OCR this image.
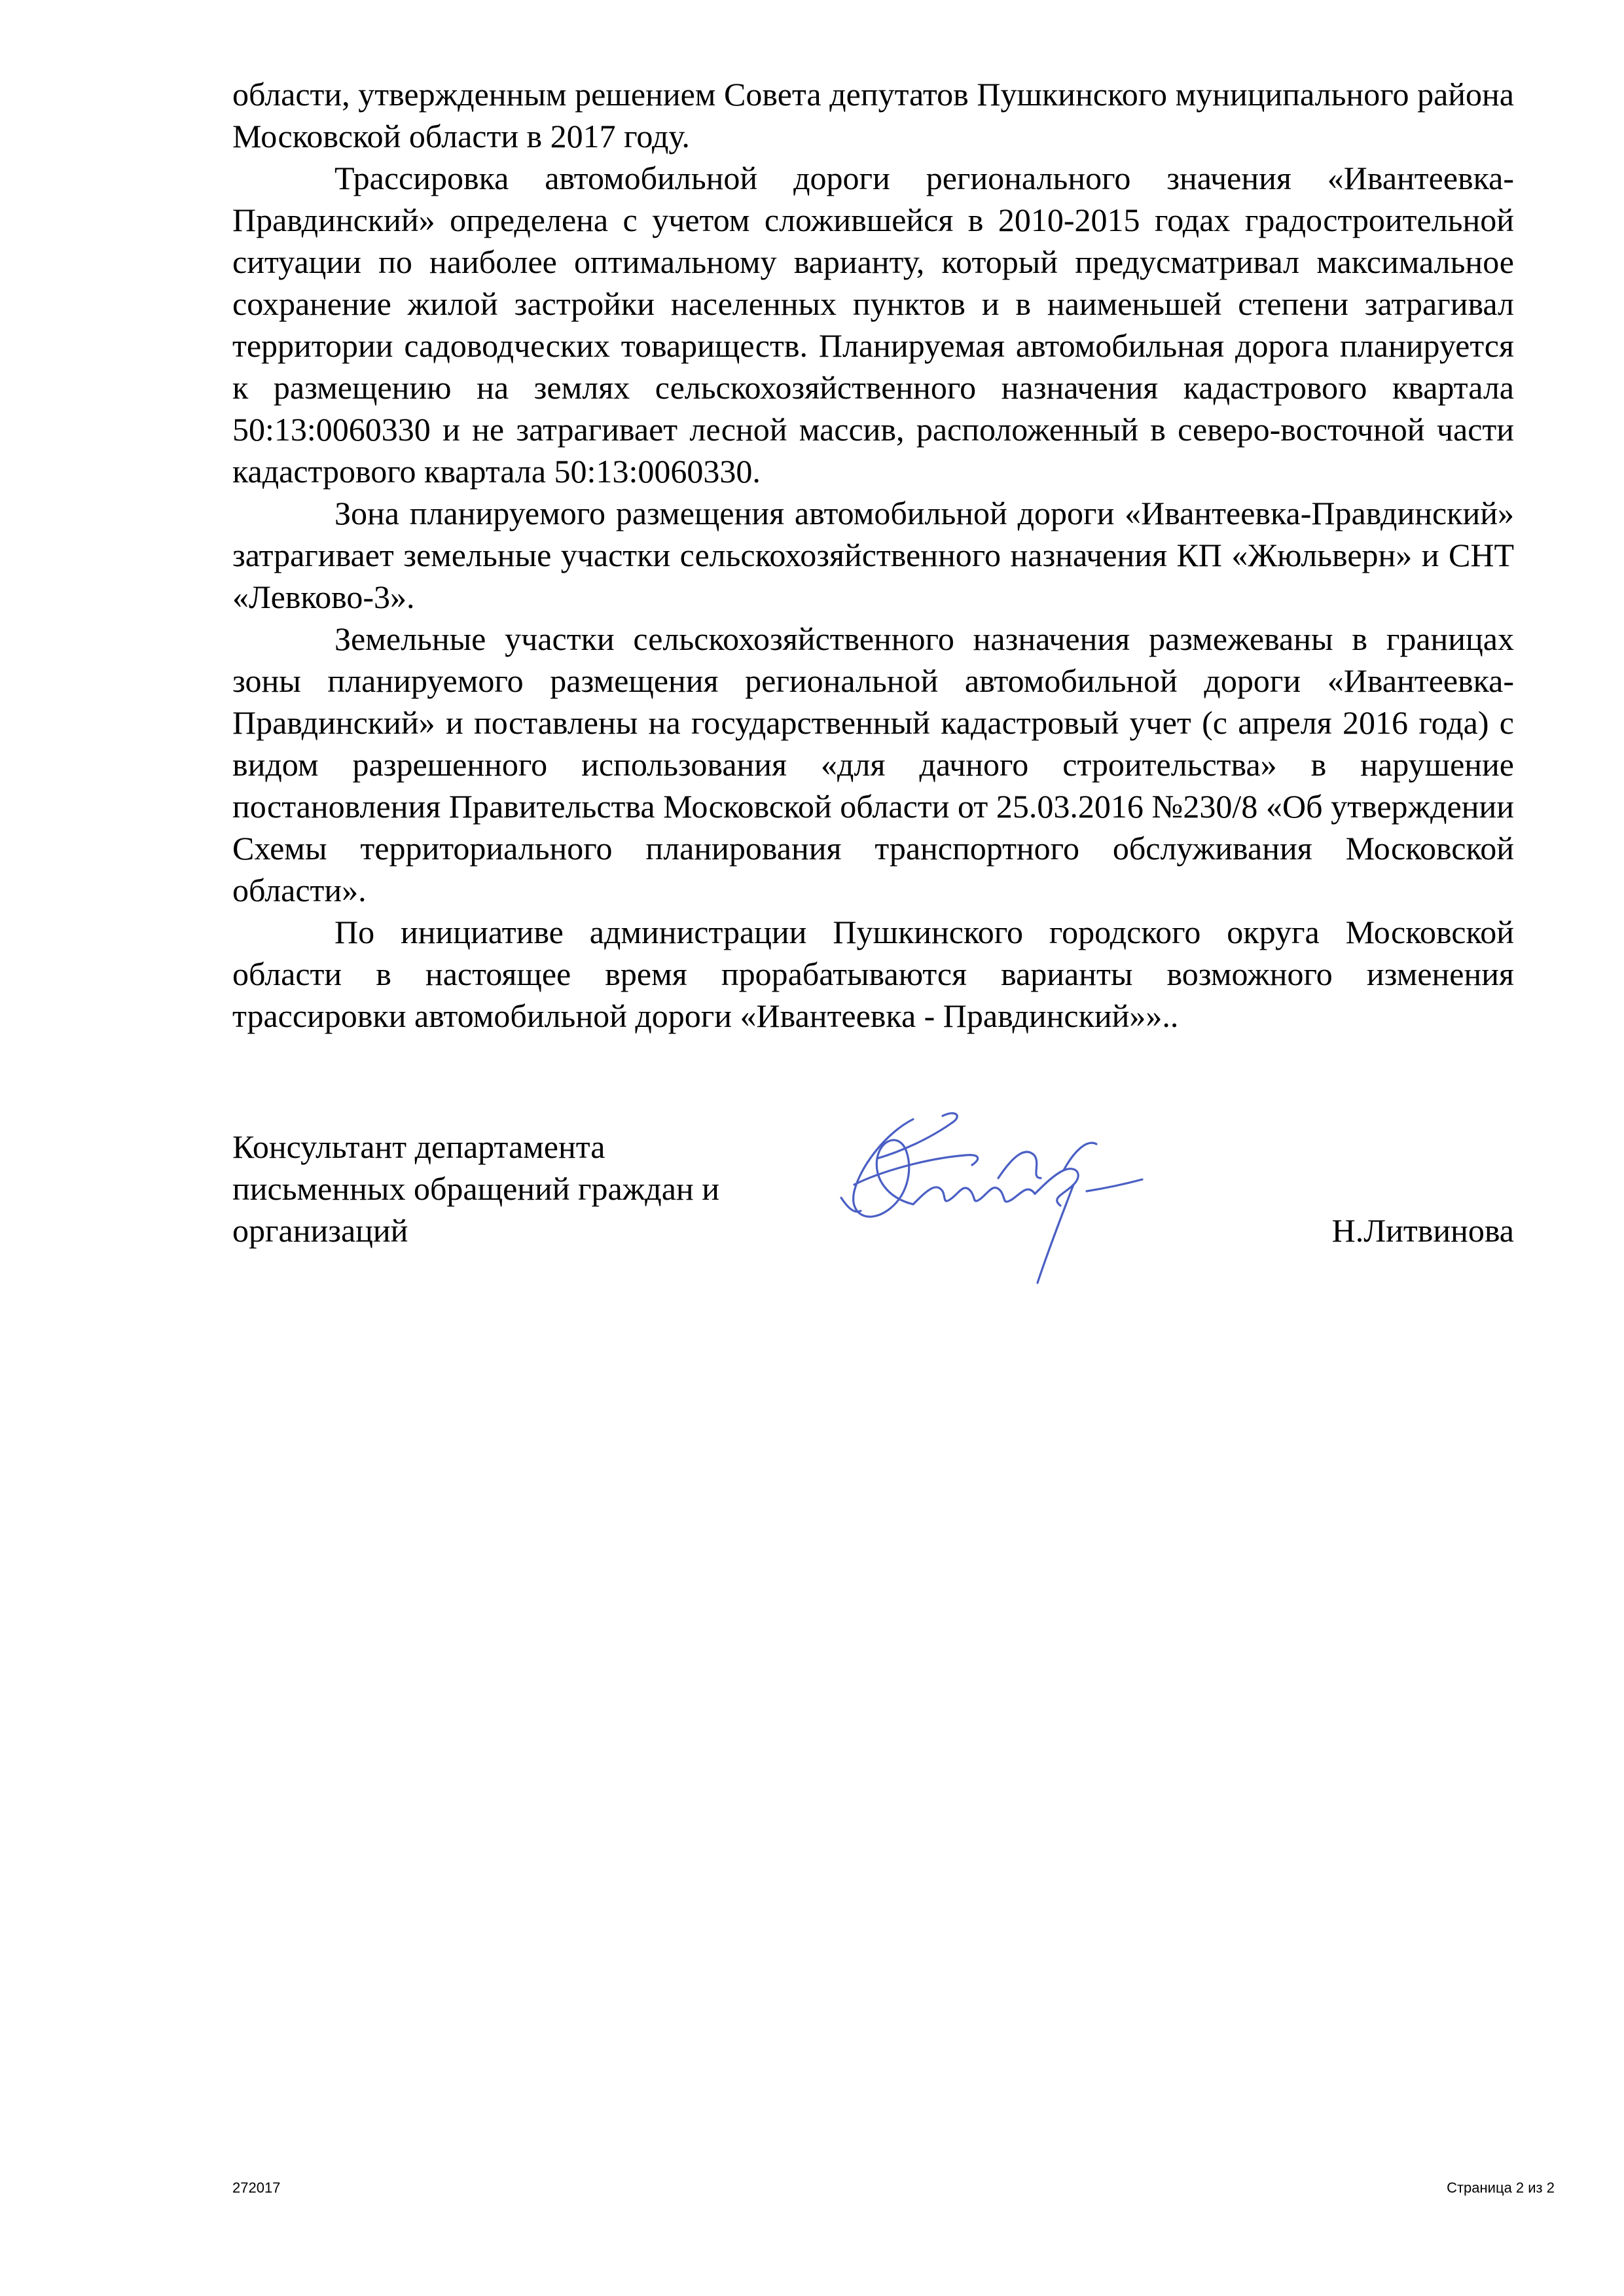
области, утвержденным решением Совета депутатов Пушкинского муниципального района Московской области в 2017 году.

Трассировка автомобильной дороги регионального значения «Ивантеевка-Правдинский» определена с учетом сложившейся в 2010-2015 годах градостроительной ситуации по наиболее оптимальному варианту, который предусматривал максимальное сохранение жилой застройки населенных пунктов и в наименьшей степени затрагивал территории садоводческих товариществ. Планируемая автомобильная дорога планируется к размещению на землях сельскохозяйственного назначения кадастрового квартала 50:13:0060330 и не затрагивает лесной массив, расположенный в северо-восточной части кадастрового квартала 50:13:0060330.

Зона планируемого размещения автомобильной дороги «Ивантеевка-Правдинский» затрагивает земельные участки сельскохозяйственного назначения КП «Жюльверн» и СНТ «Левково-3».

Земельные участки сельскохозяйственного назначения размежеваны в границах зоны планируемого размещения региональной автомобильной дороги «Ивантеевка-Правдинский» и поставлены на государственный кадастровый учет (с апреля 2016 года) с видом разрешенного использования «для дачного строительства» в нарушение постановления Правительства Московской области от 25.03.2016 №230/8 «Об утверждении Схемы территориального планирования транспортного обслуживания Московской области».

По инициативе администрации Пушкинского городского округа Московской области в настоящее время прорабатываются варианты возможного изменения трассировки автомобильной дороги «Ивантеевка - Правдинский»»..

Консультант департамента
письменных обращений граждан и
организаций	Н.Литвинова
272017	Страница 2 из 2
